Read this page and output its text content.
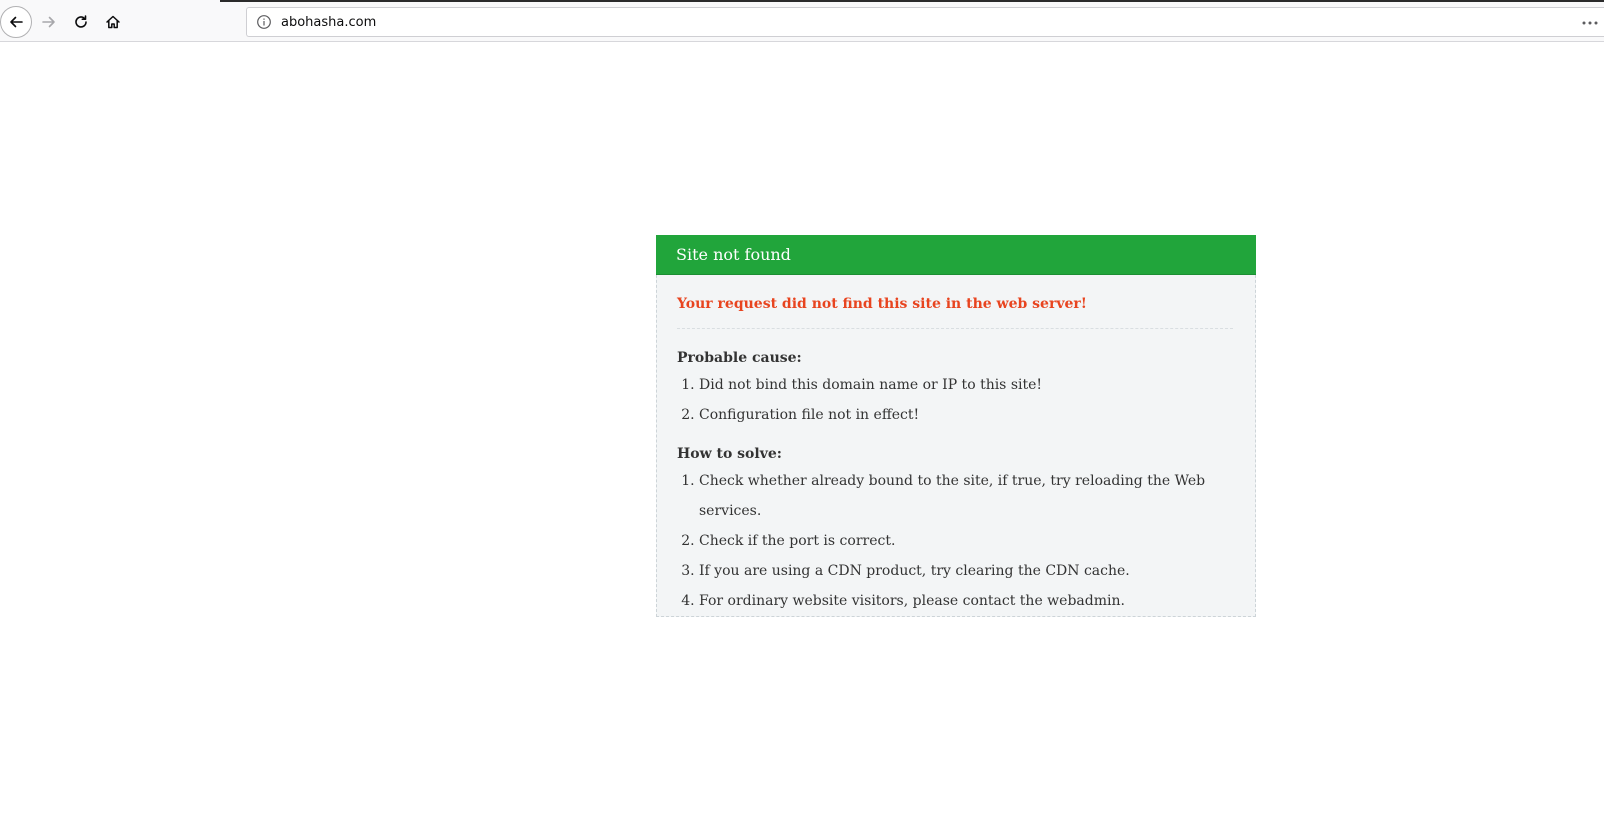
abohasha.com
Site not found

Your request did not find this site in the web server!

Probable cause:

1. Did not bind this domain name or IP to this site!
2. Configuration file not in effect!

How to solve:

1. Check whether already bound to the site, if true, try reloading the Web services.
2. Check if the port is correct.
3. If you are using a CDN product, try clearing the CDN cache.
4. For ordinary website visitors, please contact the webadmin.
